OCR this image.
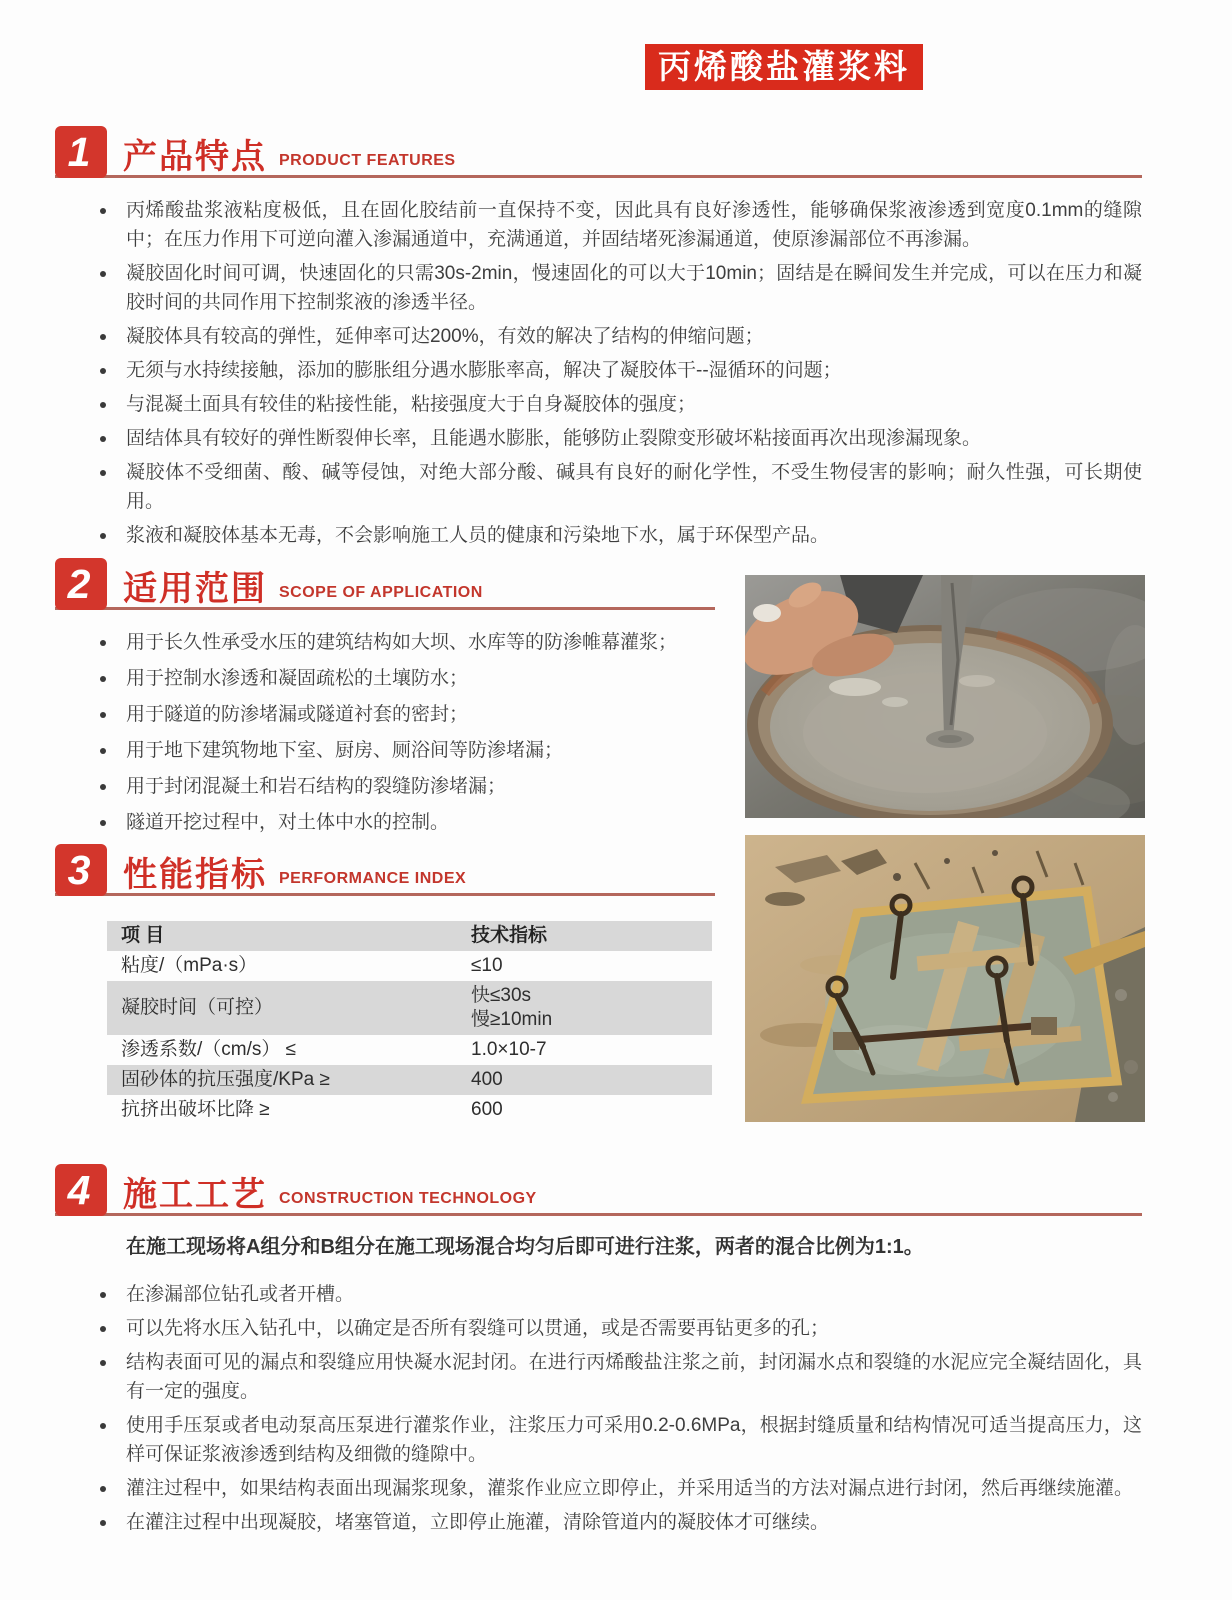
丙烯酸盐灌浆料
1 产品特点 PRODUCT FEATURES
丙烯酸盐浆液粘度极低，且在固化胶结前一直保持不变，因此具有良好渗透性，能够确保浆液渗透到宽度0.1mm的缝隙中；在压力作用下可逆向灌入渗漏通道中，充满通道，并固结堵死渗漏通道，使原渗漏部位不再渗漏。
凝胶固化时间可调，快速固化的只需30s-2min，慢速固化的可以大于10min；固结是在瞬间发生并完成，可以在压力和凝胶时间的共同作用下控制浆液的渗透半径。
凝胶体具有较高的弹性，延伸率可达200%，有效的解决了结构的伸缩问题；
无须与水持续接触，添加的膨胀组分遇水膨胀率高，解决了凝胶体干--湿循环的问题；
与混凝土面具有较佳的粘接性能，粘接强度大于自身凝胶体的强度；
固结体具有较好的弹性断裂伸长率，且能遇水膨胀，能够防止裂隙变形破坏粘接面再次出现渗漏现象。
凝胶体不受细菌、酸、碱等侵蚀，对绝大部分酸、碱具有良好的耐化学性，不受生物侵害的影响；耐久性强，可长期使用。
浆液和凝胶体基本无毒，不会影响施工人员的健康和污染地下水，属于环保型产品。
2 适用范围 SCOPE OF APPLICATION
用于长久性承受水压的建筑结构如大坝、水库等的防渗帷幕灌浆；
用于控制水渗透和凝固疏松的土壤防水；
用于隧道的防渗堵漏或隧道衬套的密封；
用于地下建筑物地下室、厨房、厕浴间等防渗堵漏；
用于封闭混凝土和岩石结构的裂缝防渗堵漏；
隧道开挖过程中，对土体中水的控制。
3 性能指标 PERFORMANCE INDEX
项 目	技术指标
粘度/（mPa·s）	≤10
凝胶时间（可控）	快≤30s
慢≥10min

渗透系数/（cm/s） ≤	1.0×10-7
固砂体的抗压强度/KPa ≥	400
抗挤出破坏比降 ≥	600
4 施工工艺 CONSTRUCTION TECHNOLOGY

在施工现场将A组分和B组分在施工现场混合均匀后即可进行注浆，两者的混合比例为1:1。

在渗漏部位钻孔或者开槽。
可以先将水压入钻孔中，以确定是否所有裂缝可以贯通，或是否需要再钻更多的孔；
结构表面可见的漏点和裂缝应用快凝水泥封闭。在进行丙烯酸盐注浆之前，封闭漏水点和裂缝的水泥应完全凝结固化，具有一定的强度。
使用手压泵或者电动泵高压泵进行灌浆作业，注浆压力可采用0.2-0.6MPa，根据封缝质量和结构情况可适当提高压力，这样可保证浆液渗透到结构及细微的缝隙中。
灌注过程中，如果结构表面出现漏浆现象，灌浆作业应立即停止，并采用适当的方法对漏点进行封闭，然后再继续施灌。
在灌注过程中出现凝胶，堵塞管道，立即停止施灌，清除管道内的凝胶体才可继续。
